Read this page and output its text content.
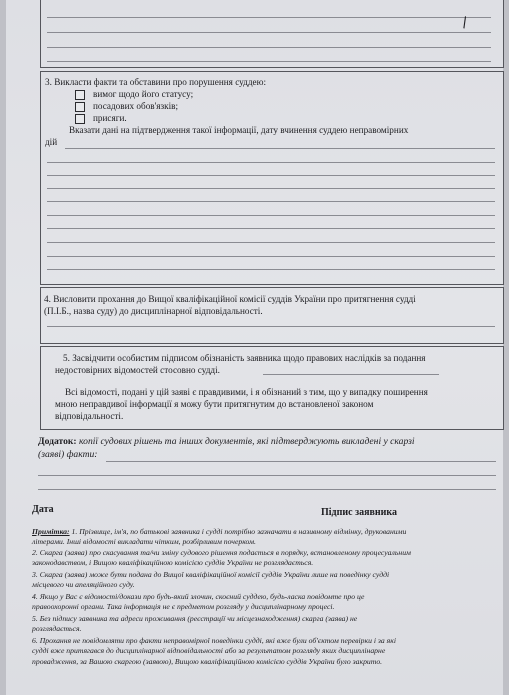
∖
3. Викласти факти та обставини про порушення суддею:
вимог щодо його статусу;
посадових обов'язків;
присяги.
Вказати дані на підтвердження такої інформації, дату вчинення суддею неправомірних
дій
4. Висловити прохання до Вищої кваліфікаційної комісії суддів України про притягнення судді
(П.І.Б., назва суду) до дисциплінарної відповідальності.
5. Засвідчити особистим підписом обізнаність заявника щодо правових наслідків за подання
недостовірних відомостей стосовно судді.
Всі відомості, подані у цій заяві є правдивими, і я обізнаний з тим, що у випадку поширення
мною неправдивої інформації я можу бути притягнутим до встановленої законом
відповідальності.
Додаток: копії судових рішень та інших документів, які підтверджують викладені у скарзі
(заяві) факти:
Дата	Підпис заявника
Примітка: 1. Прізвище, ім'я, по батькові заявника і судді потрібно зазначати в називному відмінку, друкованими
літерами. Інші відомості викладати чітким, розбірливим почерком.
2. Скарга (заява) про скасування та/чи зміну судового рішення подається в порядку, встановленому процесуальним
законодавством, і Вищою кваліфікаційною комісією суддів України не розглядається.
3. Скарга (заява) може бути подана до Вищої кваліфікаційної комісії суддів України лише на поведінку судді
місцевого чи апеляційного суду.
4. Якщо у Вас є відомості/докази про будь-який злочин, скоєний суддею, будь-ласка повідомте про це
правоохоронні органи. Така інформація не є предметом розгляду у дисциплінарному процесі.
5. Без підпису заявника та адреси проживання (реєстрації чи місцезнаходження) скарга (заява) не
розглядається.
6. Прохання не повідомляти про факти неправомірної поведінки судді, які вже були об'єктом перевірки і за які
судді вже притягався до дисциплінарної відповідальності або за результатом розгляду яких дисциплінарне
провадження, за Вашою скаргою (заявою), Вищою кваліфікаційною комісією суддів України було закрито.
